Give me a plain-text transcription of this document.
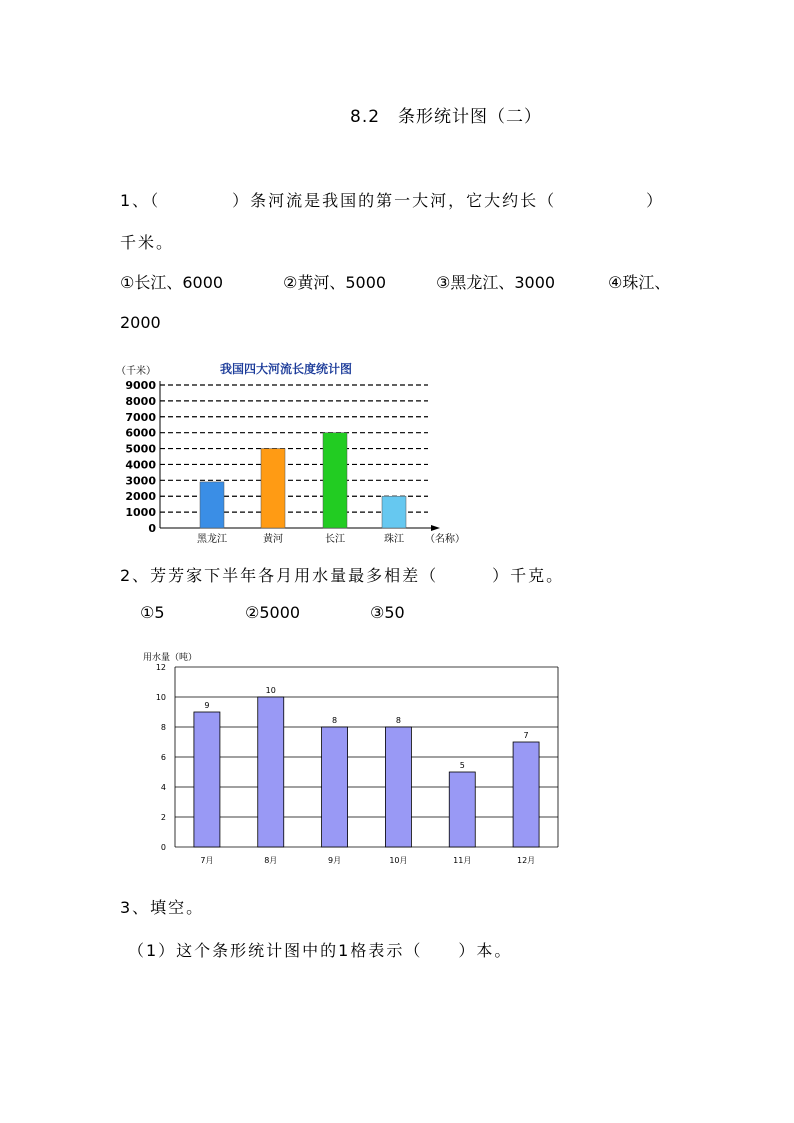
8.2　条形统计图（二）
1、（　　　　）条河流是我国的第一大河，它大约长（　　　　　）
千米。
①长江、6000	②黄河、5000	③黑龙江、3000	④珠江、
2000
我国四大河流长度统计图
（千米）
0
1000
2000
3000
4000
5000
6000
7000
8000
9000
黑龙江	黄河	长江	珠江 （名称）
2、芳芳家下半年各月用水量最多相差（　　　）千克。
①5	②5000	③50
用水量（吨）
0
2
4
6
8
10
12
9
7月
10
8月
8
9月
8
10月
5
11月
7
12月
3、填空。
（1）这个条形统计图中的1格表示（　　）本。
